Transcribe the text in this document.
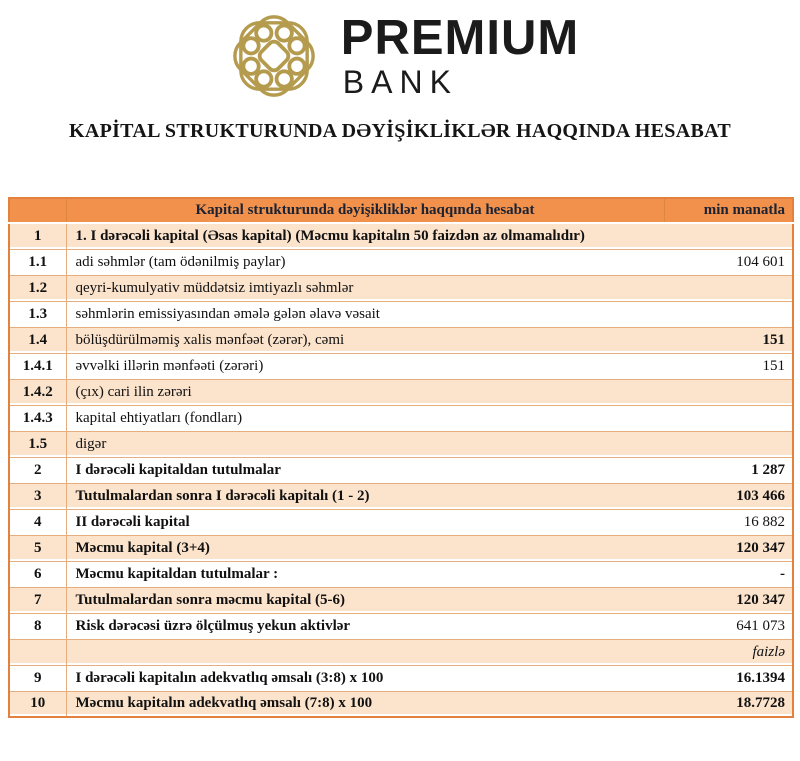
PREMIUM
BANK
KAPİTAL STRUKTURUNDA DƏYİŞİKLİKLƏR HAQQINDA HESABAT
	Kapital strukturunda dəyişikliklər haqqında hesabat	min manatla
1	1. I dərəcəli kapital (Əsas kapital) (Məcmu kapitalın 50 faizdən az olmamalıdır)	
1.1	adi səhmlər (tam ödənilmiş paylar)	104 601
1.2	qeyri-kumulyativ müddətsiz imtiyazlı səhmlər	
1.3	səhmlərin emissiyasından əmələ gələn əlavə vəsait	
1.4	bölüşdürülməmiş xalis mənfəət (zərər), cəmi	151
1.4.1	əvvəlki illərin mənfəəti (zərəri)	151
1.4.2	(çıx) cari ilin zərəri	
1.4.3	kapital ehtiyatları (fondları)	
1.5	digər	
2	I dərəcəli kapitaldan tutulmalar	1 287
3	Tutulmalardan sonra I dərəcəli kapitalı (1 - 2)	103 466
4	II dərəcəli kapital	16 882
5	Məcmu kapital (3+4)	120 347
6	Məcmu kapitaldan tutulmalar :	-
7	Tutulmalardan sonra məcmu kapital (5-6)	120 347
8	Risk dərəcəsi üzrə ölçülmuş yekun aktivlər	641 073
		faizlə
9	I dərəcəli kapitalın adekvatlıq əmsalı (3:8) x 100	16.1394
10	Məcmu kapitalın adekvatlıq əmsalı (7:8) x 100	18.7728
